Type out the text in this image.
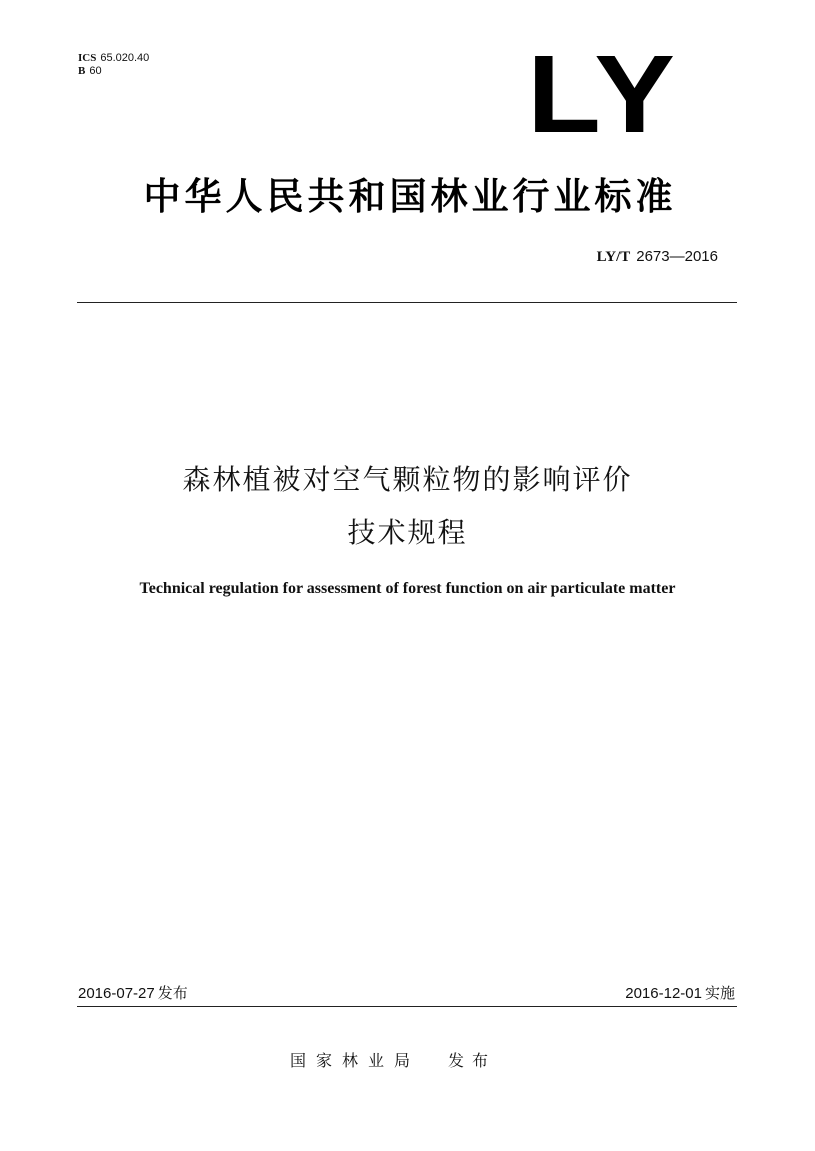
ICS 65.020.40
B 60	LY
中华人民共和国林业行业标准
LY/T 2673—2016
森林植被对空气颗粒物的影响评价
技术规程
Technical regulation for assessment of forest function on air particulate matter
2016-07-27 发布	2016-12-01 实施
国家林业局 发布
